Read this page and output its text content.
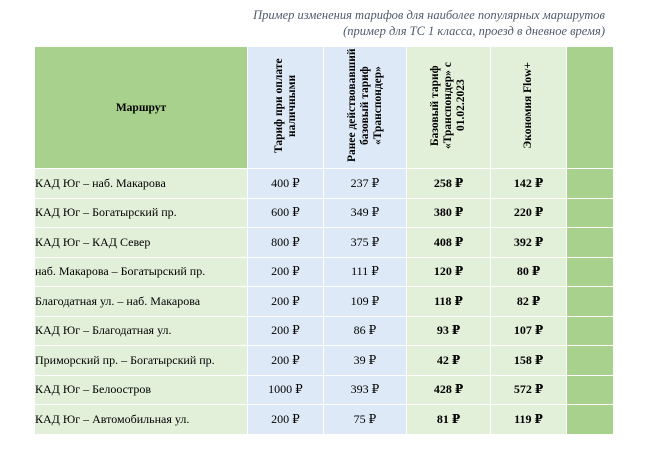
Пример изменения тарифов для наиболее популярных маршрутов
(пример для ТС 1 класса, проезд в дневное время)
Маршрут	Тариф при оплате наличными	Ранее действовавший базовый тариф «Транспондер»	Базовый тариф «Транспондер» с 01.02.2023	Экономия Flow+	
КАД Юг – наб. Макарова	400 ₽	237 ₽	258 ₽	142 ₽	
КАД Юг – Богатырский пр.	600 ₽	349 ₽	380 ₽	220 ₽	
КАД Юг – КАД Север	800 ₽	375 ₽	408 ₽	392 ₽	
наб. Макарова – Богатырский пр.	200 ₽	111 ₽	120 ₽	80 ₽	
Благодатная ул. – наб. Макарова	200 ₽	109 ₽	118 ₽	82 ₽	
КАД Юг – Благодатная ул.	200 ₽	86 ₽	93 ₽	107 ₽	
Приморский пр. – Богатырский пр.	200 ₽	39 ₽	42 ₽	158 ₽	
КАД Юг – Белоостров	1000 ₽	393 ₽	428 ₽	572 ₽	
КАД Юг – Автомобильная ул.	200 ₽	75 ₽	81 ₽	119 ₽	
